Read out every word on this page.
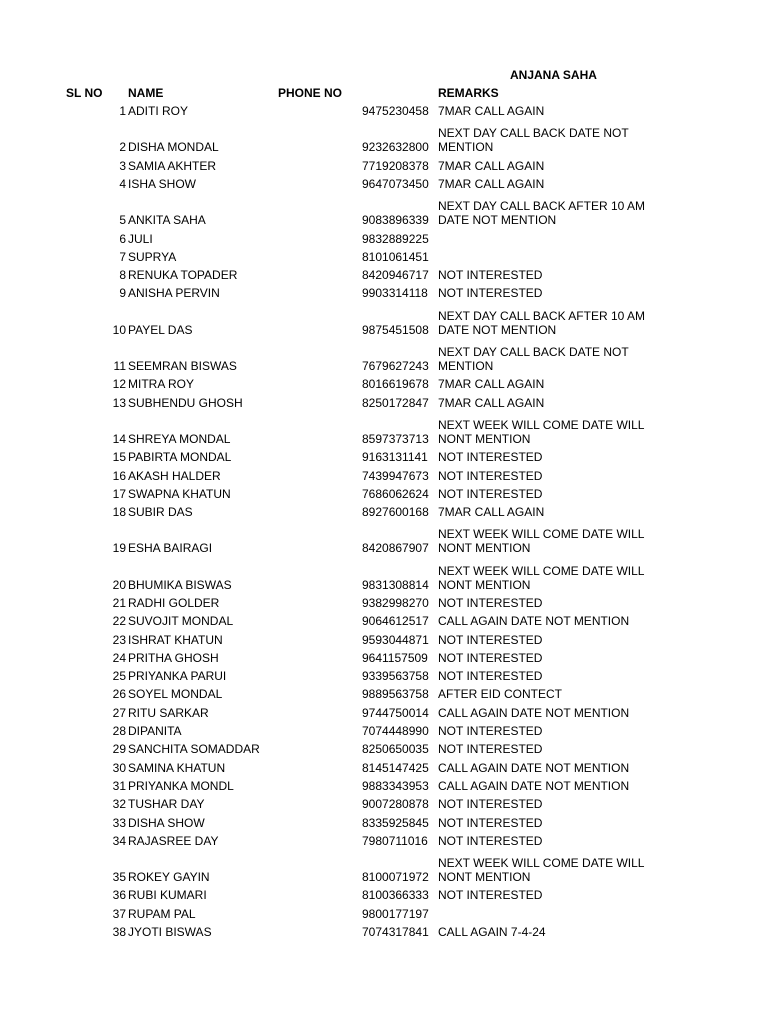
ANJANA SAHA
SL NO NAME	PHONE NO	REMARKS
1 ADITI ROY	9475230458 7MAR CALL AGAIN
2 DISHA MONDAL	9232632800
NEXT DAY CALL BACK DATE NOT
MENTION
3 SAMIA AKHTER	7719208378 7MAR CALL AGAIN
4 ISHA SHOW	9647073450 7MAR CALL AGAIN
5 ANKITA SAHA	9083896339
NEXT DAY CALL BACK AFTER 10 AM
DATE NOT MENTION
6 JULI	9832889225
7 SUPRYA	8101061451
8 RENUKA TOPADER	8420946717 NOT INTERESTED
9 ANISHA PERVIN	9903314118 NOT INTERESTED
10 PAYEL DAS	9875451508
NEXT DAY CALL BACK AFTER 10 AM
DATE NOT MENTION
11 SEEMRAN BISWAS	7679627243
NEXT DAY CALL BACK DATE NOT
MENTION
12 MITRA ROY	8016619678 7MAR CALL AGAIN
13 SUBHENDU GHOSH	8250172847 7MAR CALL AGAIN
14 SHREYA MONDAL	8597373713
NEXT WEEK WILL COME DATE WILL
NONT MENTION
15 PABIRTA MONDAL	9163131141 NOT INTERESTED
16 AKASH HALDER	7439947673 NOT INTERESTED
17 SWAPNA KHATUN	7686062624 NOT INTERESTED
18 SUBIR DAS	8927600168 7MAR CALL AGAIN
19 ESHA BAIRAGI	8420867907
NEXT WEEK WILL COME DATE WILL
NONT MENTION
20 BHUMIKA BISWAS	9831308814
NEXT WEEK WILL COME DATE WILL
NONT MENTION
21 RADHI GOLDER	9382998270 NOT INTERESTED
22 SUVOJIT MONDAL	9064612517 CALL AGAIN DATE NOT MENTION
23 ISHRAT KHATUN	9593044871 NOT INTERESTED
24 PRITHA GHOSH	9641157509 NOT INTERESTED
25 PRIYANKA PARUI	9339563758 NOT INTERESTED
26 SOYEL MONDAL	9889563758 AFTER EID CONTECT
27 RITU SARKAR	9744750014 CALL AGAIN DATE NOT MENTION
28 DIPANITA	7074448990 NOT INTERESTED
29 SANCHITA SOMADDAR	8250650035 NOT INTERESTED
30 SAMINA KHATUN	8145147425 CALL AGAIN DATE NOT MENTION
31 PRIYANKA MONDL	9883343953 CALL AGAIN DATE NOT MENTION
32 TUSHAR DAY	9007280878 NOT INTERESTED
33 DISHA SHOW	8335925845 NOT INTERESTED
34 RAJASREE DAY	7980711016 NOT INTERESTED
35 ROKEY GAYIN	8100071972
NEXT WEEK WILL COME DATE WILL
NONT MENTION
36 RUBI KUMARI	8100366333 NOT INTERESTED
37 RUPAM PAL	9800177197
38 JYOTI BISWAS	7074317841 CALL AGAIN 7-4-24
